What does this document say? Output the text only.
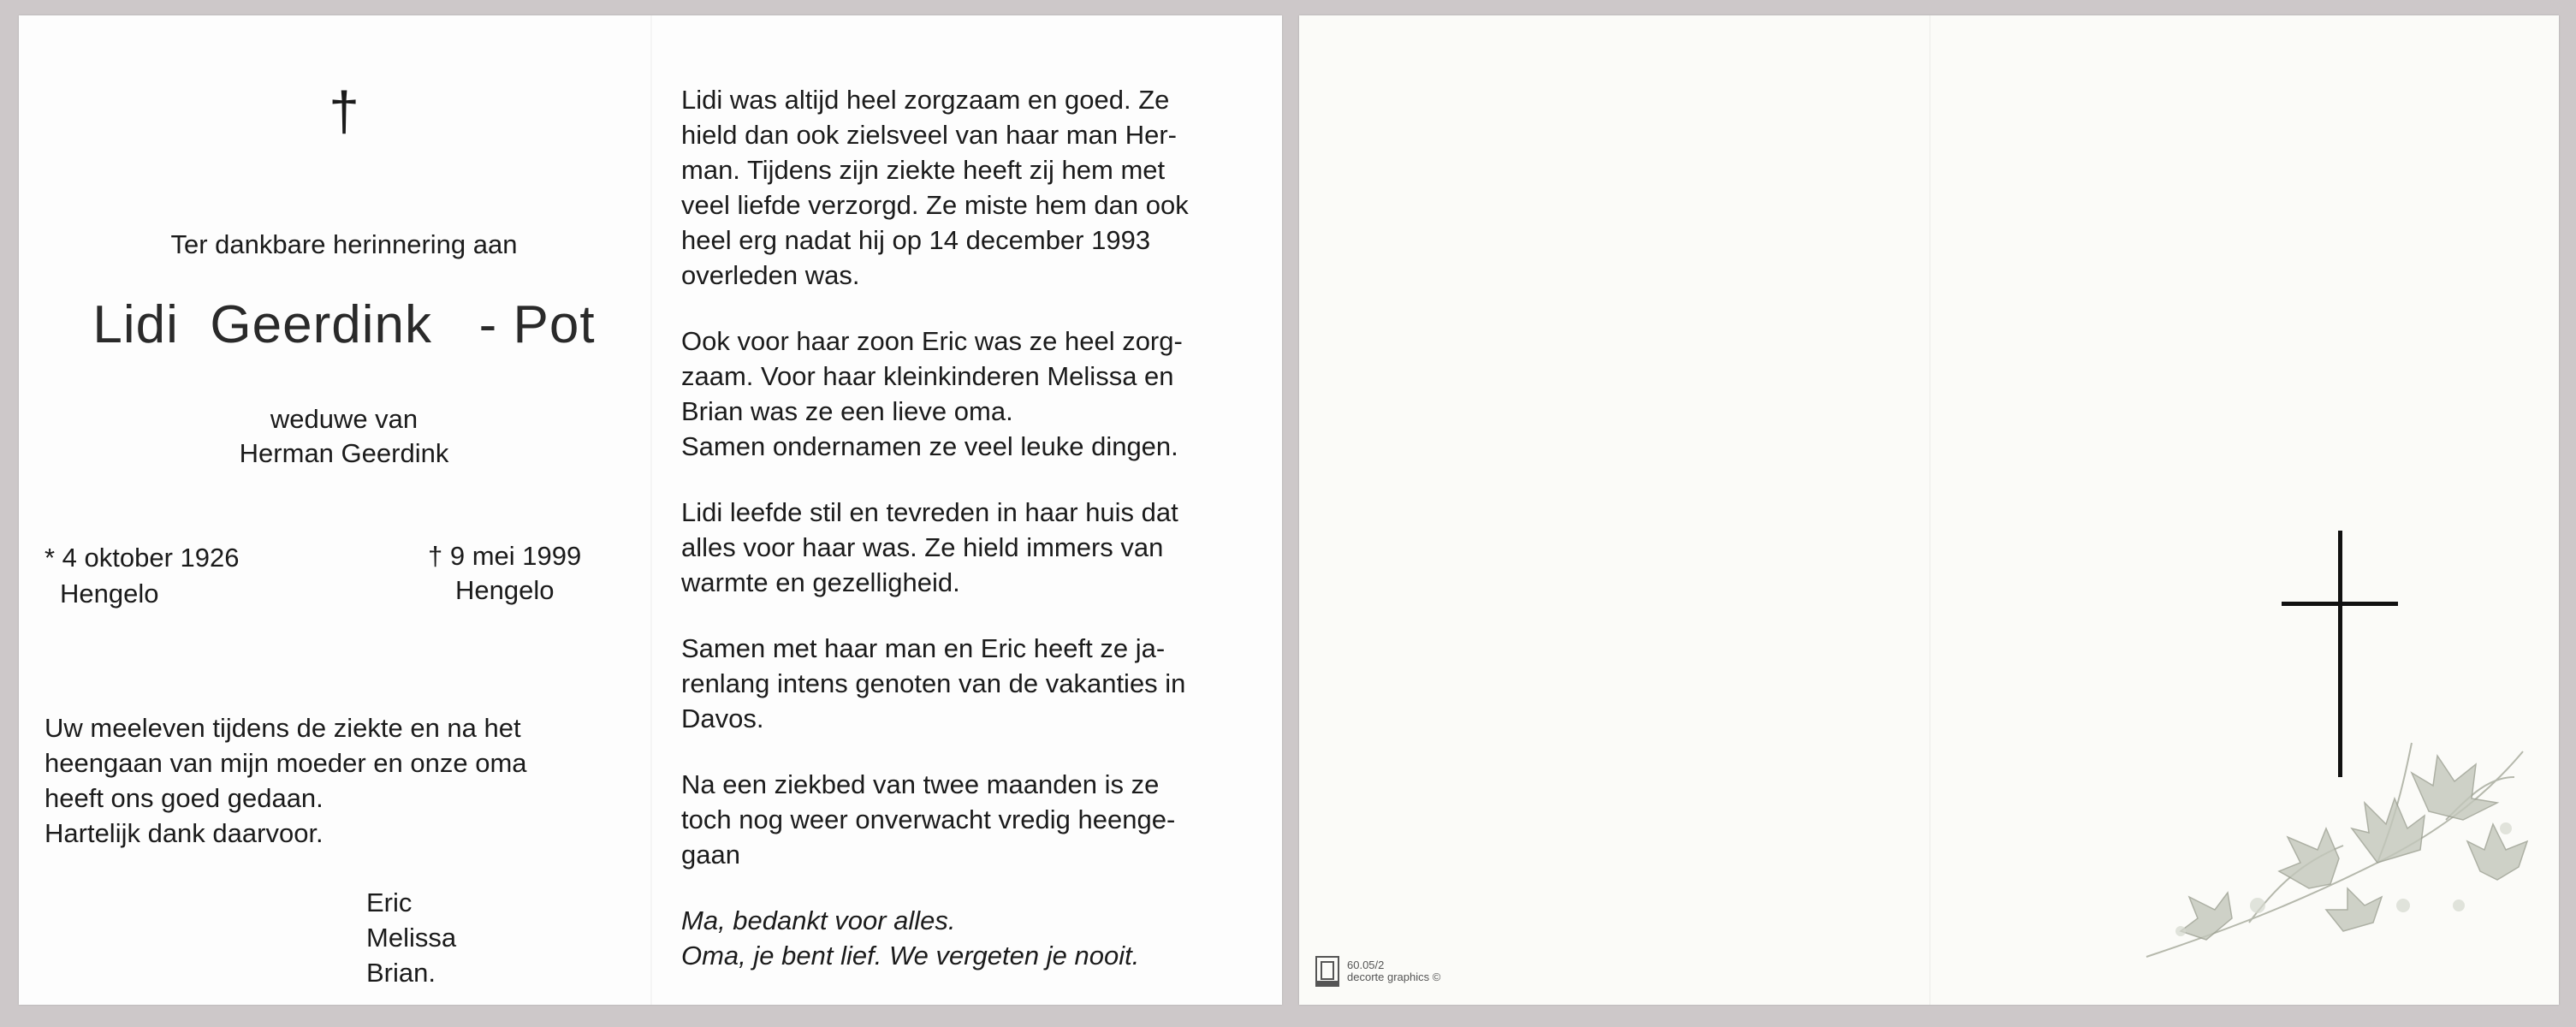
†
Ter dankbare herinnering aan
Lidi  Geerdink   - Pot
weduwe van
Herman Geerdink
* 4 oktober 1926
Hengelo
† 9 mei 1999
Hengelo
Uw meeleven tijdens de ziekte en na het
heengaan van mijn moeder en onze oma
heeft ons goed gedaan.
Hartelijk dank daarvoor.
Eric
Melissa
Brian.
Lidi was altijd heel zorgzaam en goed. Ze
hield dan ook zielsveel van haar man Her-
man. Tijdens zijn ziekte heeft zij hem met
veel liefde verzorgd. Ze miste hem dan ook
heel erg nadat hij op 14 december 1993
overleden was.
Ook voor haar zoon Eric was ze heel zorg-
zaam. Voor haar kleinkinderen Melissa en
Brian was ze een lieve oma.
Samen ondernamen ze veel leuke dingen.
Lidi leefde stil en tevreden in haar huis dat
alles voor haar was. Ze hield immers van
warmte en gezelligheid.
Samen met haar man en Eric heeft ze ja-
renlang intens genoten van de vakanties in
Davos.
Na een ziekbed van twee maanden is ze
toch nog weer onverwacht vredig heenge-
gaan
Ma, bedankt voor alles.
Oma, je bent lief. We vergeten je nooit.	60.05/2
decorte graphics ©
